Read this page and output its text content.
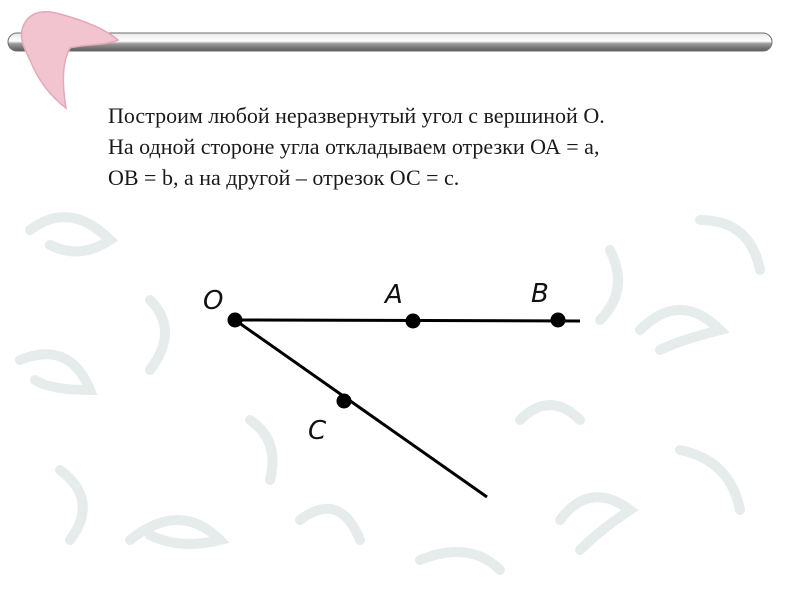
Построим любой неразвернутый угол с вершиной О.
На одной стороне угла откладываем отрезки ОА = а,
ОВ = b, а на другой – отрезок ОС = с.
O	A	B
C
